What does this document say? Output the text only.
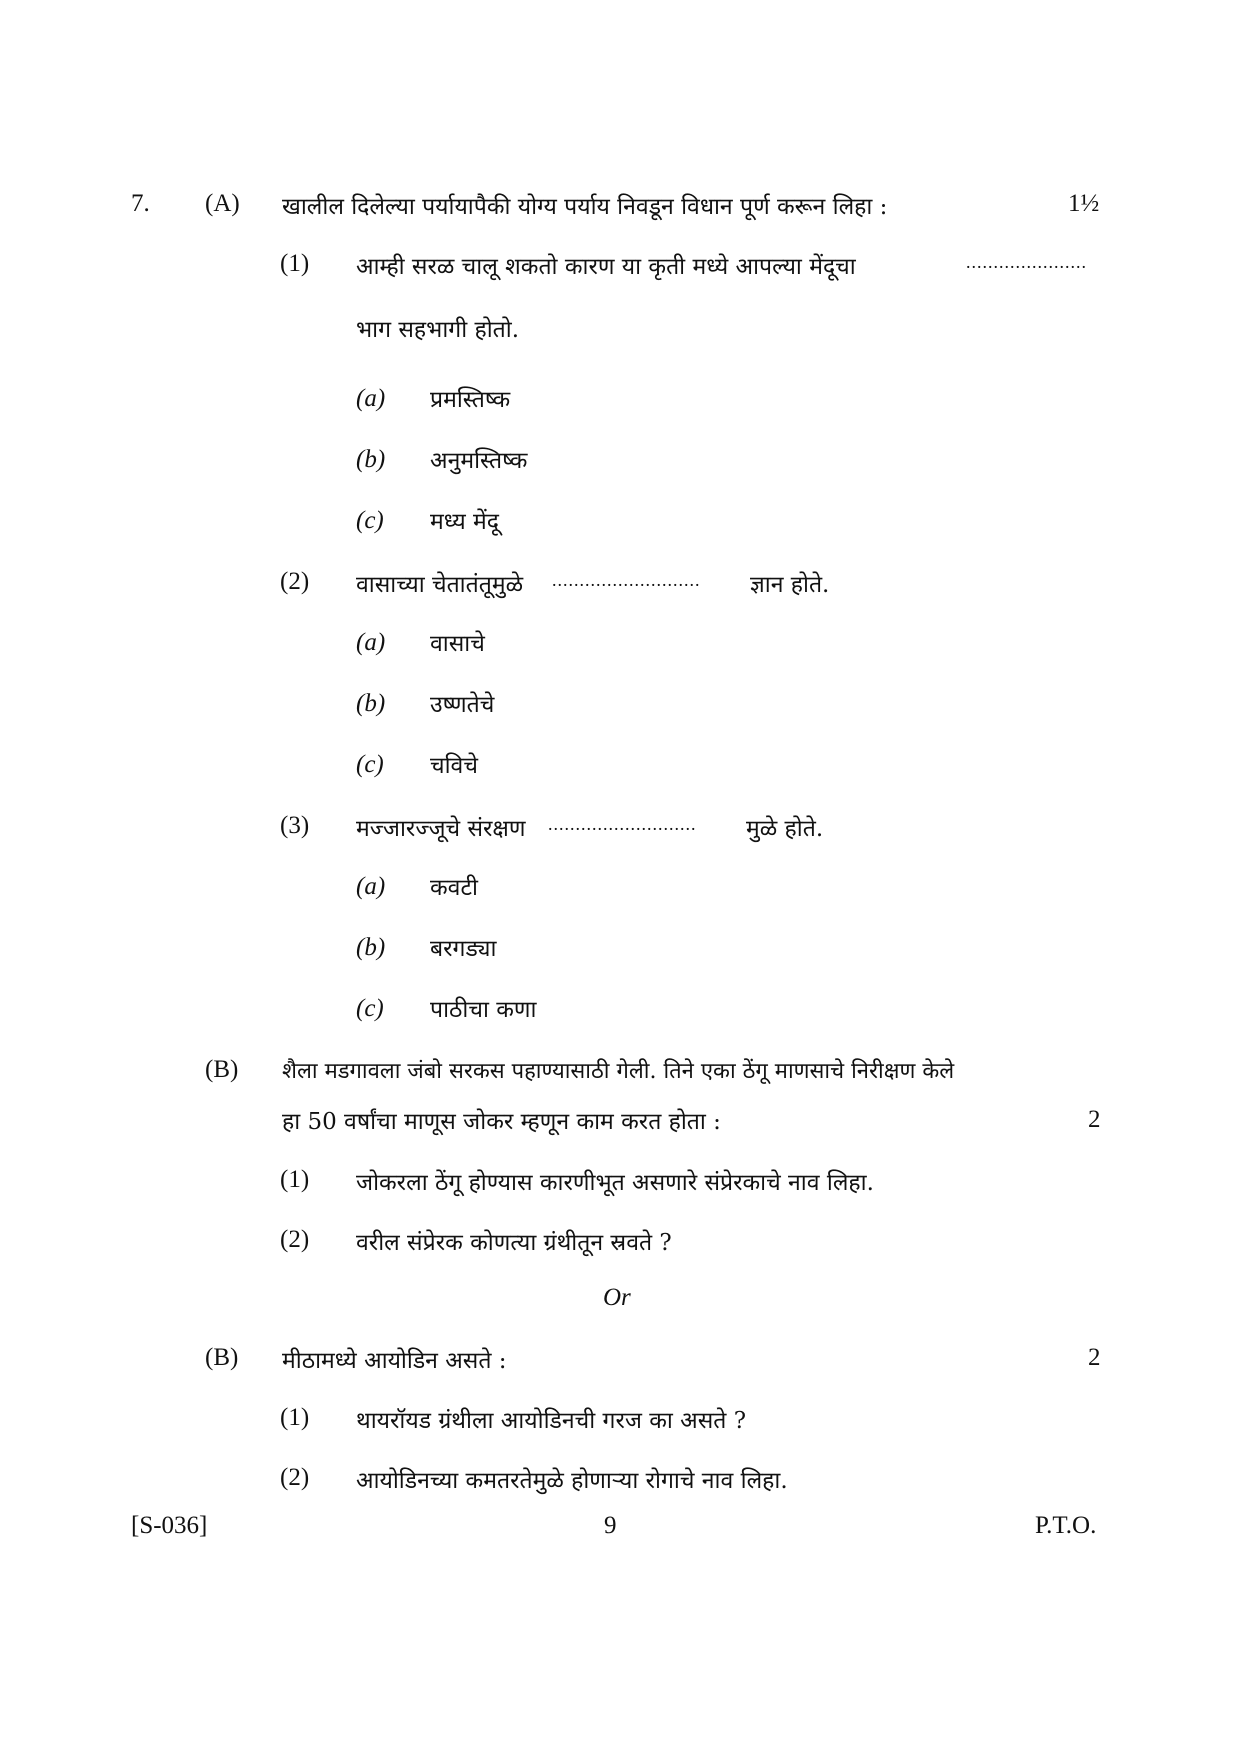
7. (A) खालील दिलेल्या पर्यायापैकी योग्य पर्याय निवडून विधान पूर्ण करून लिहा :	1½
(1) आम्ही सरळ चालू शकतो कारण या कृती मध्ये आपल्या मेंदूचा	......................
भाग सहभागी होतो.
(a) प्रमस्तिष्क
(b) अनुमस्तिष्क
(c) मध्य मेंदू
(2) वासाच्या चेतातंतूमुळे ........................... ज्ञान होते.
(a) वासाचे
(b) उष्णतेचे
(c) चविचे
(3) मज्जारज्जूचे संरक्षण ........................... मुळे होते.
(a) कवटी
(b) बरगड्या
(c) पाठीचा कणा
(B) शैला मडगावला जंबो सरकस पहाण्यासाठी गेली. तिने एका ठेंगू माणसाचे निरीक्षण केले
हा 50 वर्षांचा माणूस जोकर म्हणून काम करत होता :	2
(1) जोकरला ठेंगू होण्यास कारणीभूत असणारे संप्रेरकाचे नाव लिहा.
(2) वरील संप्रेरक कोणत्या ग्रंथीतून स्रवते ?
Or
(B) मीठामध्ये आयोडिन असते :	2
(1) थायरॉयड ग्रंथीला आयोडिनची गरज का असते ?
(2) आयोडिनच्या कमतरतेमुळे होणाऱ्या रोगाचे नाव लिहा.
[S-036]	9	P.T.O.
